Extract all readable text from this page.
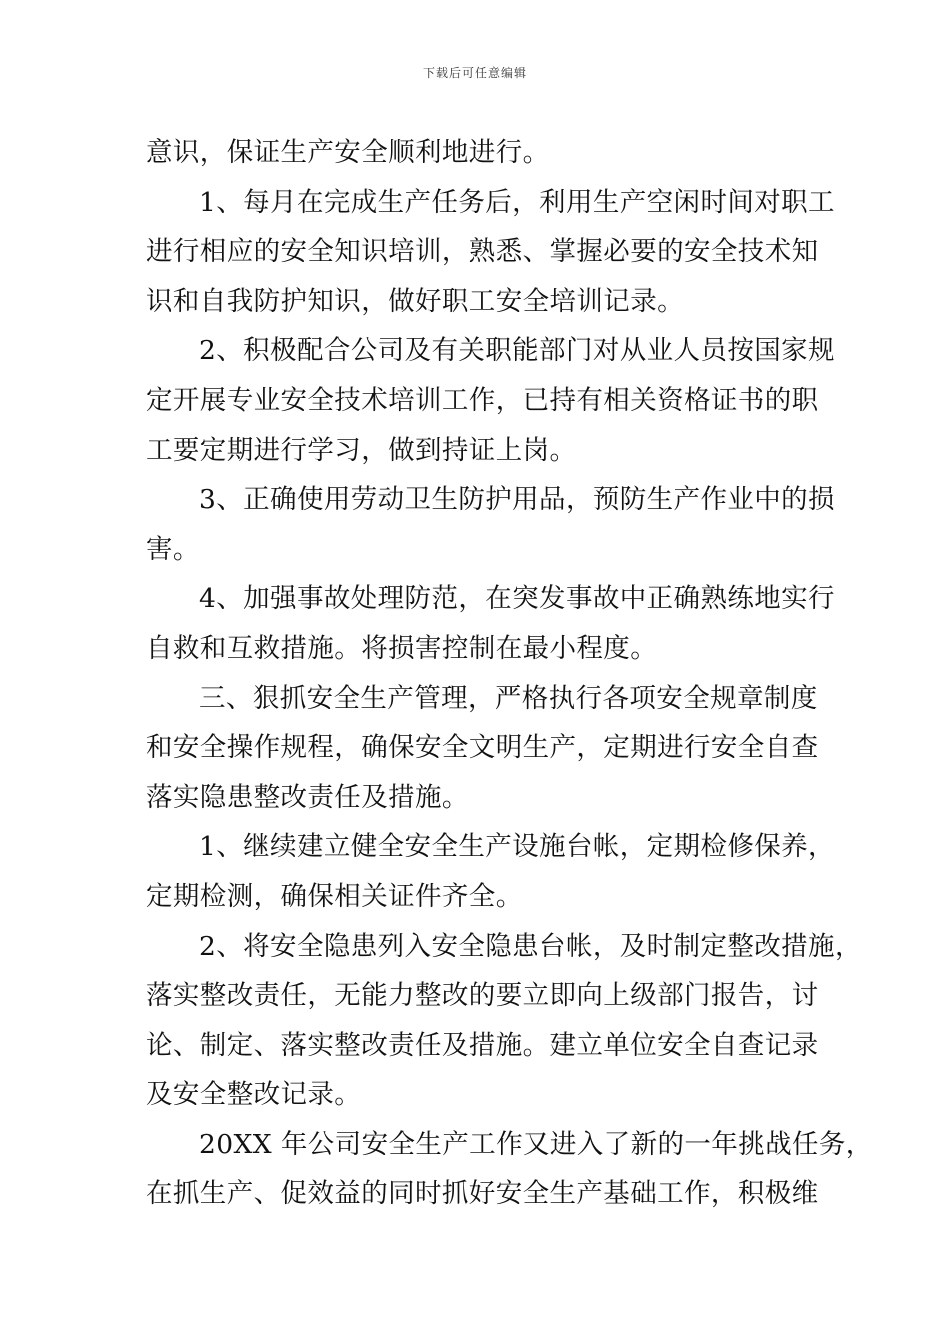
下载后可任意编辑
意识，保证生产安全顺利地进行。
1、每月在完成生产任务后，利用生产空闲时间对职工
进行相应的安全知识培训，熟悉、掌握必要的安全技术知
识和自我防护知识，做好职工安全培训记录。
2、积极配合公司及有关职能部门对从业人员按国家规
定开展专业安全技术培训工作，已持有相关资格证书的职
工要定期进行学习，做到持证上岗。
3、正确使用劳动卫生防护用品，预防生产作业中的损
害。
4、加强事故处理防范，在突发事故中正确熟练地实行
自救和互救措施。将损害控制在最小程度。
三、狠抓安全生产管理，严格执行各项安全规章制度
和安全操作规程，确保安全文明生产，定期进行安全自查
落实隐患整改责任及措施。
1、继续建立健全安全生产设施台帐，定期检修保养，
定期检测，确保相关证件齐全。
2、将安全隐患列入安全隐患台帐，及时制定整改措施，
落实整改责任，无能力整改的要立即向上级部门报告，讨
论、制定、落实整改责任及措施。建立单位安全自查记录
及安全整改记录。
20XX 年公司安全生产工作又进入了新的一年挑战任务，
在抓生产、促效益的同时抓好安全生产基础工作，积极维
